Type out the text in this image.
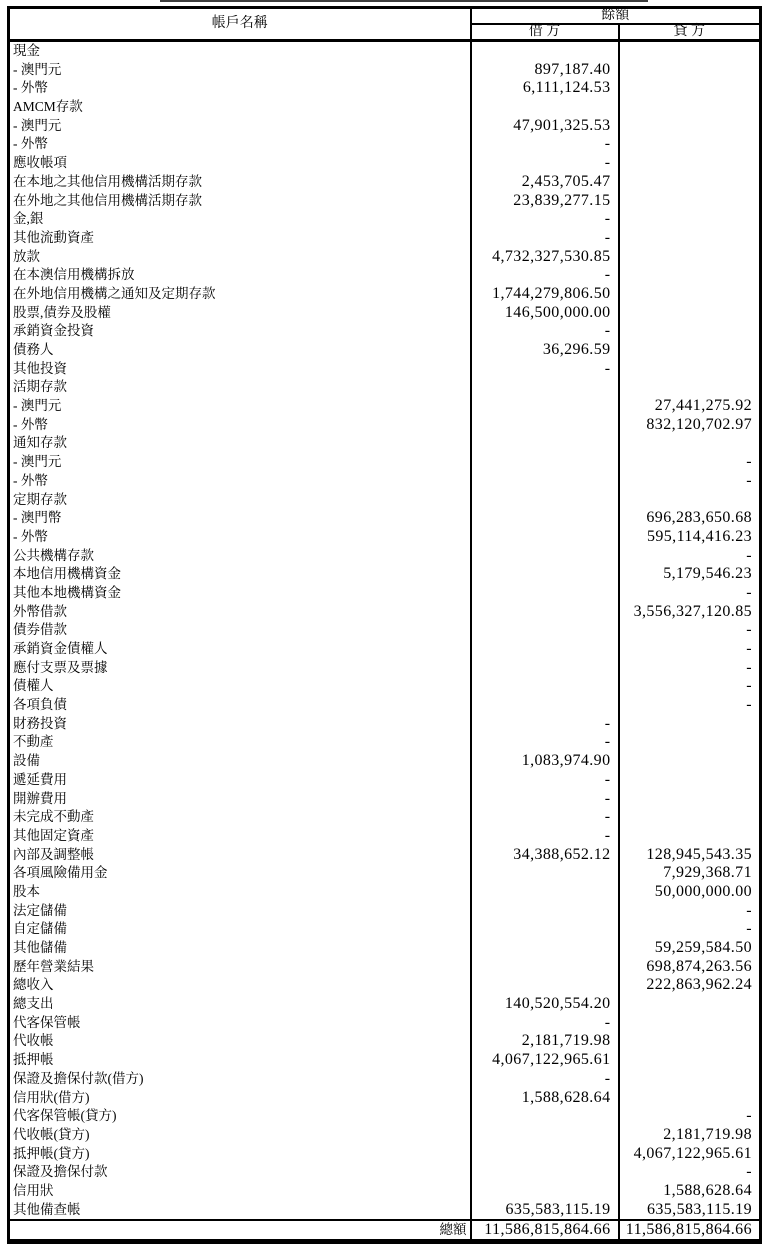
帳戶名稱	餘額	
	借 方	貸 方
現金		
- 澳門元	897,187.40	
- 外幣	6,111,124.53	
AMCM存款		
- 澳門元	47,901,325.53	
- 外幣	-	
應收帳項	-	
在本地之其他信用機構活期存款	2,453,705.47	
在外地之其他信用機構活期存款	23,839,277.15	
金,銀	-	
其他流動資產	-	
放款	4,732,327,530.85	
在本澳信用機構拆放	-	
在外地信用機構之通知及定期存款	1,744,279,806.50	
股票,債券及股權	146,500,000.00	
承銷資金投資	-	
債務人	36,296.59	
其他投資	-	
活期存款		
- 澳門元		27,441,275.92
- 外幣		832,120,702.97
通知存款		
- 澳門元		-
- 外幣		-
定期存款		
- 澳門幣		696,283,650.68
- 外幣		595,114,416.23
公共機構存款		-
本地信用機構資金		5,179,546.23
其他本地機構資金		-
外幣借款		3,556,327,120.85
債券借款		-
承銷資金債權人		-
應付支票及票據		-
債權人		-
各項負債		-
財務投資	-	
不動產	-	
設備	1,083,974.90	
遞延費用	-	
開辦費用	-	
未完成不動產	-	
其他固定資產	-	
內部及調整帳	34,388,652.12	128,945,543.35
各項風險備用金		7,929,368.71
股本		50,000,000.00
法定儲備		-
自定儲備		-
其他儲備		59,259,584.50
歷年營業結果		698,874,263.56
總收入		222,863,962.24
總支出	140,520,554.20	
代客保管帳	-	
代收帳	2,181,719.98	
抵押帳	4,067,122,965.61	
保證及擔保付款(借方)	-	
信用狀(借方)	1,588,628.64	
代客保管帳(貸方)		-
代收帳(貸方)		2,181,719.98
抵押帳(貸方)		4,067,122,965.61
保證及擔保付款		-
信用狀		1,588,628.64
其他備查帳	635,583,115.19	635,583,115.19
總額	11,586,815,864.66	11,586,815,864.66
